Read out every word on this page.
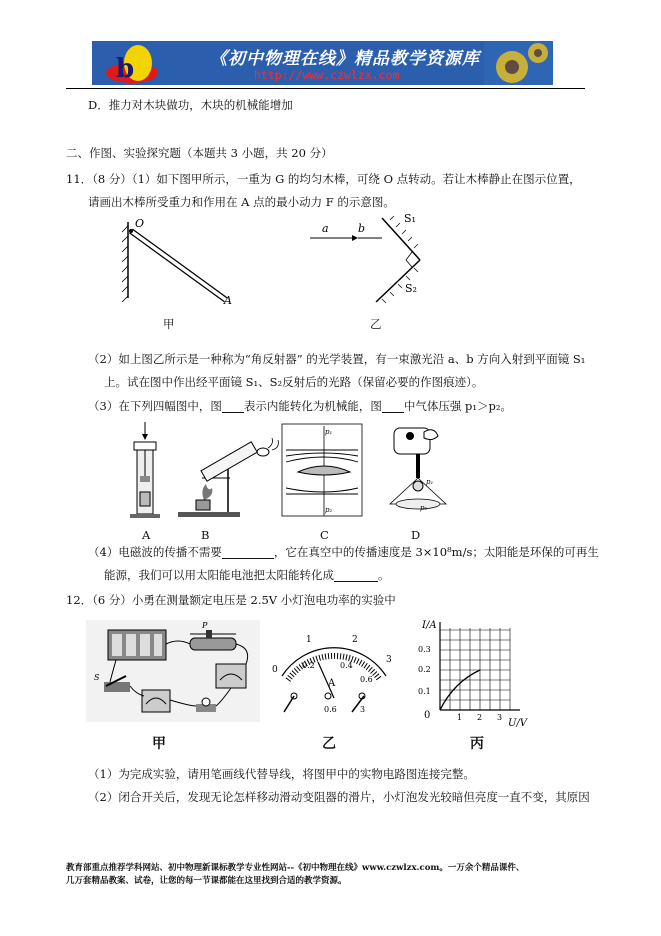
b	《初中物理在线》精品教学资源库
http://www.czwlzx.com
D．推力对木块做功，木块的机械能增加
二、作图、实验探究题（本题共 3 小题，共 20 分）
11．（8 分）（1）如下图甲所示，一重为 G 的均匀木棒，可绕 O 点转动。若让木棒静止在图示位置，
请画出木棒所受重力和作用在 A 点的最小动力 F 的示意图。
O
A
甲
a	b
S₁
S₂
乙
（2）如上图乙所示是一种称为“角反射器” 的光学装置，有一束激光沿 a、b 方向入射到平面镜 S₁
上。试在图中作出经平面镜 S₁、S₂反射后的光路（保留必要的作图痕迹）。
（3）在下列四幅图中，图 表示内能转化为机械能，图 中气体压强 p₁＞p₂。
p₁
p₂
p₁
p₂
A	B	C	D
（4）电磁波的传播不需要	，它在真空中的传播速度是 3×10⁸m/s；太阳能是环保的可再生
能源，我们可以用太阳能电池把太阳能转化成	。
12．（6 分）小勇在测量额定电压是 2.5V 小灯泡电功率的实验中
P
S
甲
0
1	2
3
0.2	0.4
0.6
A
0.6	3
乙
I/A
U/V
0
0.1
0.2
0.3
1 2 3
丙
（1）为完成实验，请用笔画线代替导线，将图甲中的实物电路图连接完整。
（2）闭合开关后，发现无论怎样移动滑动变阻器的滑片，小灯泡发光较暗但亮度一直不变，其原因
教育部重点推荐学科网站、初中物理新课标教学专业性网站--《初中物理在线》www.czwlzx.com。一万余个精品课件、
几万套精品教案、试卷，让您的每一节课都能在这里找到合适的教学资源。
